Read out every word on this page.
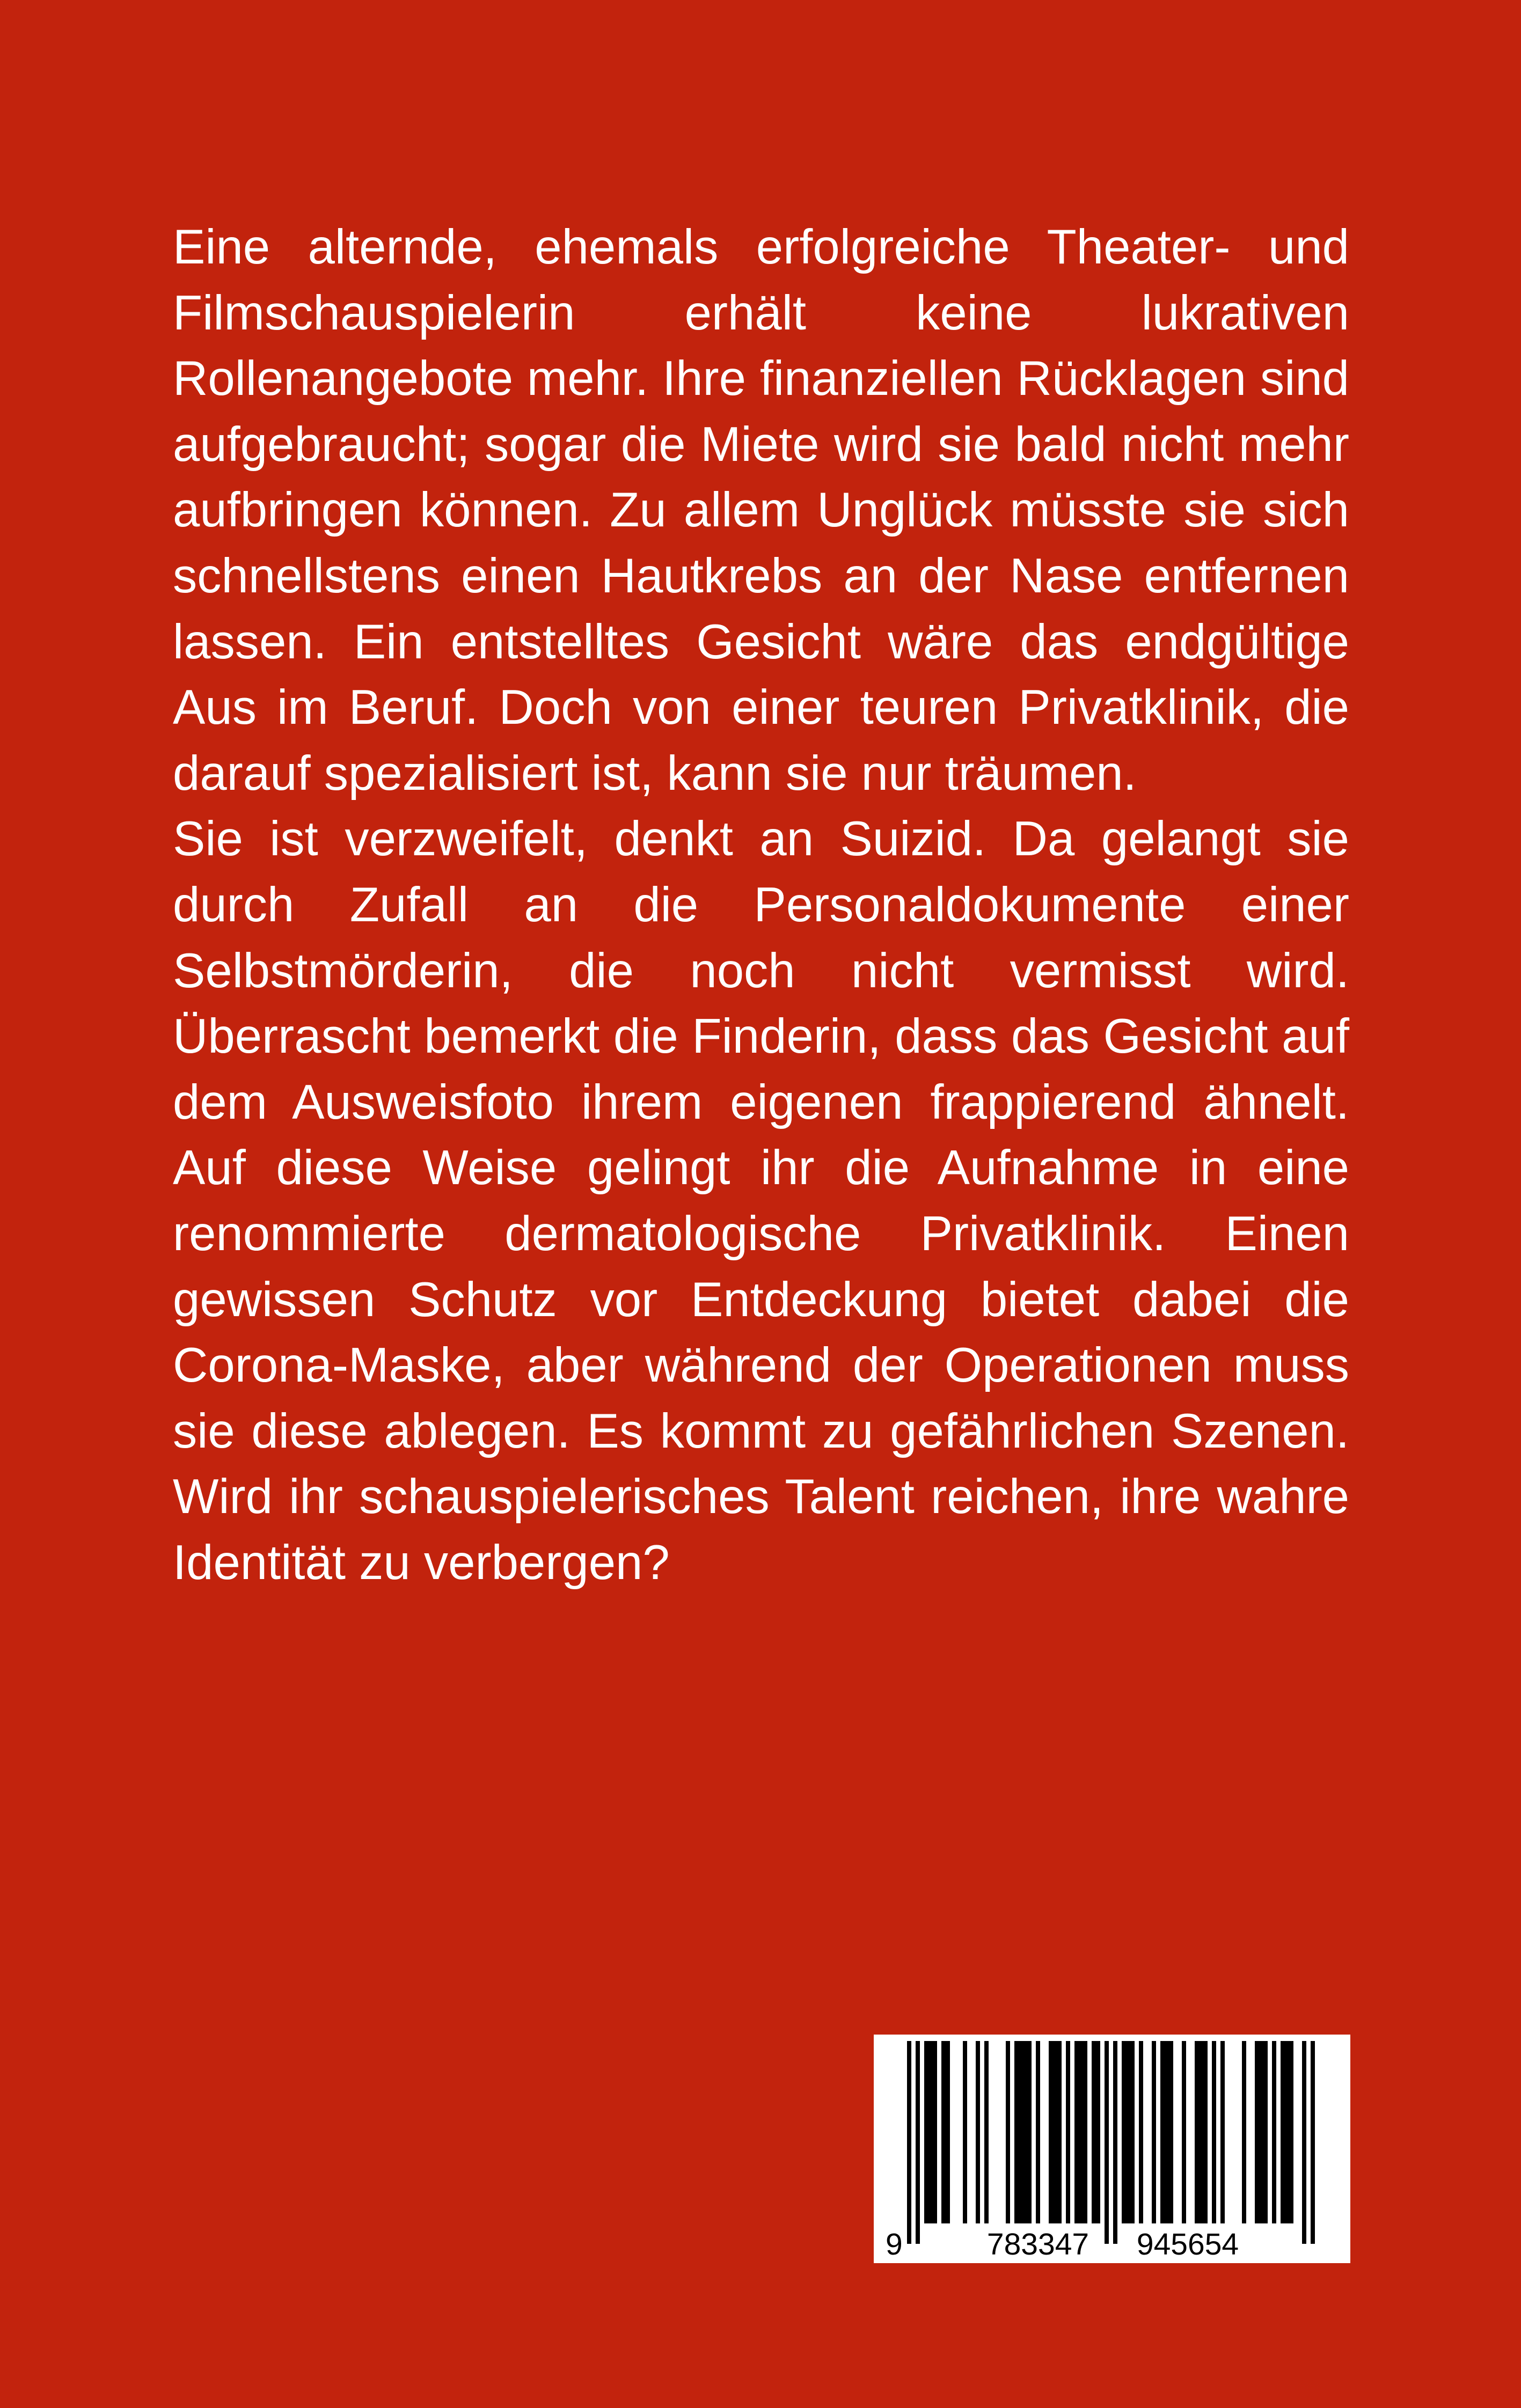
Eine alternde, ehemals erfolgreiche Theater- und Filmschauspielerin erhält keine lukrativen Rollenangebote mehr. Ihre finanziellen Rücklagen sind aufgebraucht; sogar die Miete wird sie bald nicht mehr aufbringen können. Zu allem Unglück müsste sie sich schnellstens einen Hautkrebs an der Nase entfernen lassen. Ein entstelltes Gesicht wäre das endgültige Aus im Beruf. Doch von einer teuren Privatklinik, die darauf spezialisiert ist, kann sie nur träumen.

Sie ist verzweifelt, denkt an Suizid. Da gelangt sie durch Zufall an die Personaldokumente einer Selbstmörderin, die noch nicht vermisst wird. Überrascht bemerkt die Finderin, dass das Gesicht auf dem Ausweisfoto ihrem eigenen frappierend ähnelt. Auf diese Weise gelingt ihr die Aufnahme in eine renommierte dermatologische Privatklinik. Einen gewissen Schutz vor Entdeckung bietet dabei die Corona-Maske, aber während der Operationen muss sie diese ablegen. Es kommt zu gefährlichen Szenen. Wird ihr schauspielerisches Talent reichen, ihre wahre Identität zu verbergen?

9	783347 945654
